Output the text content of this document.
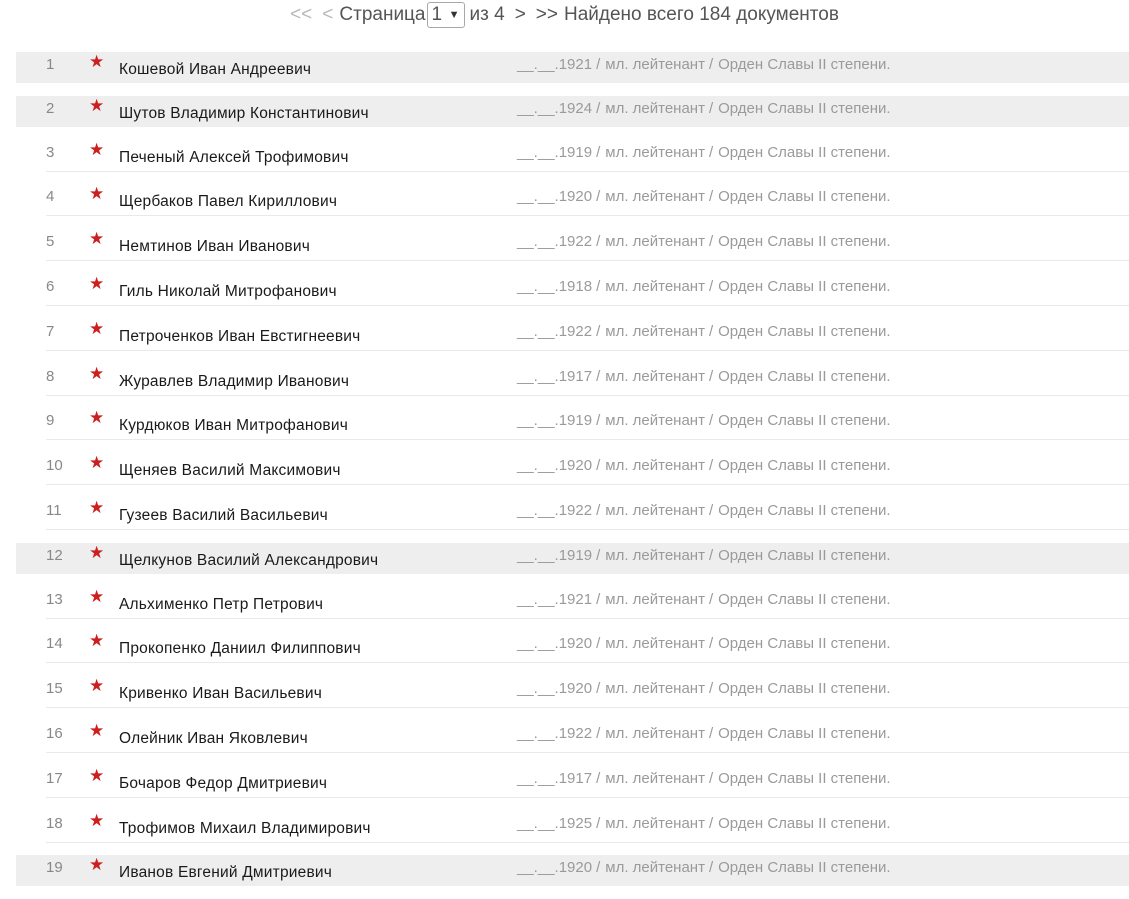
<< < Страница 1 ▼ из 4 > >> Найдено всего 184 документов
1	★ Кошевой Иван Андреевич	__.__.1921 / мл. лейтенант / Орден Славы II степени.
2	★ Шутов Владимир Константинович	__.__.1924 / мл. лейтенант / Орден Славы II степени.
3	★ Печеный Алексей Трофимович	__.__.1919 / мл. лейтенант / Орден Славы II степени.
4	★ Щербаков Павел Кириллович	__.__.1920 / мл. лейтенант / Орден Славы II степени.
5	★ Немтинов Иван Иванович	__.__.1922 / мл. лейтенант / Орден Славы II степени.
6	★ Гиль Николай Митрофанович	__.__.1918 / мл. лейтенант / Орден Славы II степени.
7	★ Петроченков Иван Евстигнеевич	__.__.1922 / мл. лейтенант / Орден Славы II степени.
8	★ Журавлев Владимир Иванович	__.__.1917 / мл. лейтенант / Орден Славы II степени.
9	★ Курдюков Иван Митрофанович	__.__.1919 / мл. лейтенант / Орден Славы II степени.
10	★ Щеняев Василий Максимович	__.__.1920 / мл. лейтенант / Орден Славы II степени.
11	★ Гузеев Василий Васильевич	__.__.1922 / мл. лейтенант / Орден Славы II степени.
12	★ Щелкунов Василий Александрович	__.__.1919 / мл. лейтенант / Орден Славы II степени.
13	★ Альхименко Петр Петрович	__.__.1921 / мл. лейтенант / Орден Славы II степени.
14	★ Прокопенко Даниил Филиппович	__.__.1920 / мл. лейтенант / Орден Славы II степени.
15	★ Кривенко Иван Васильевич	__.__.1920 / мл. лейтенант / Орден Славы II степени.
16	★ Олейник Иван Яковлевич	__.__.1922 / мл. лейтенант / Орден Славы II степени.
17	★ Бочаров Федор Дмитриевич	__.__.1917 / мл. лейтенант / Орден Славы II степени.
18	★ Трофимов Михаил Владимирович	__.__.1925 / мл. лейтенант / Орден Славы II степени.
19	★ Иванов Евгений Дмитриевич	__.__.1920 / мл. лейтенант / Орден Славы II степени.
